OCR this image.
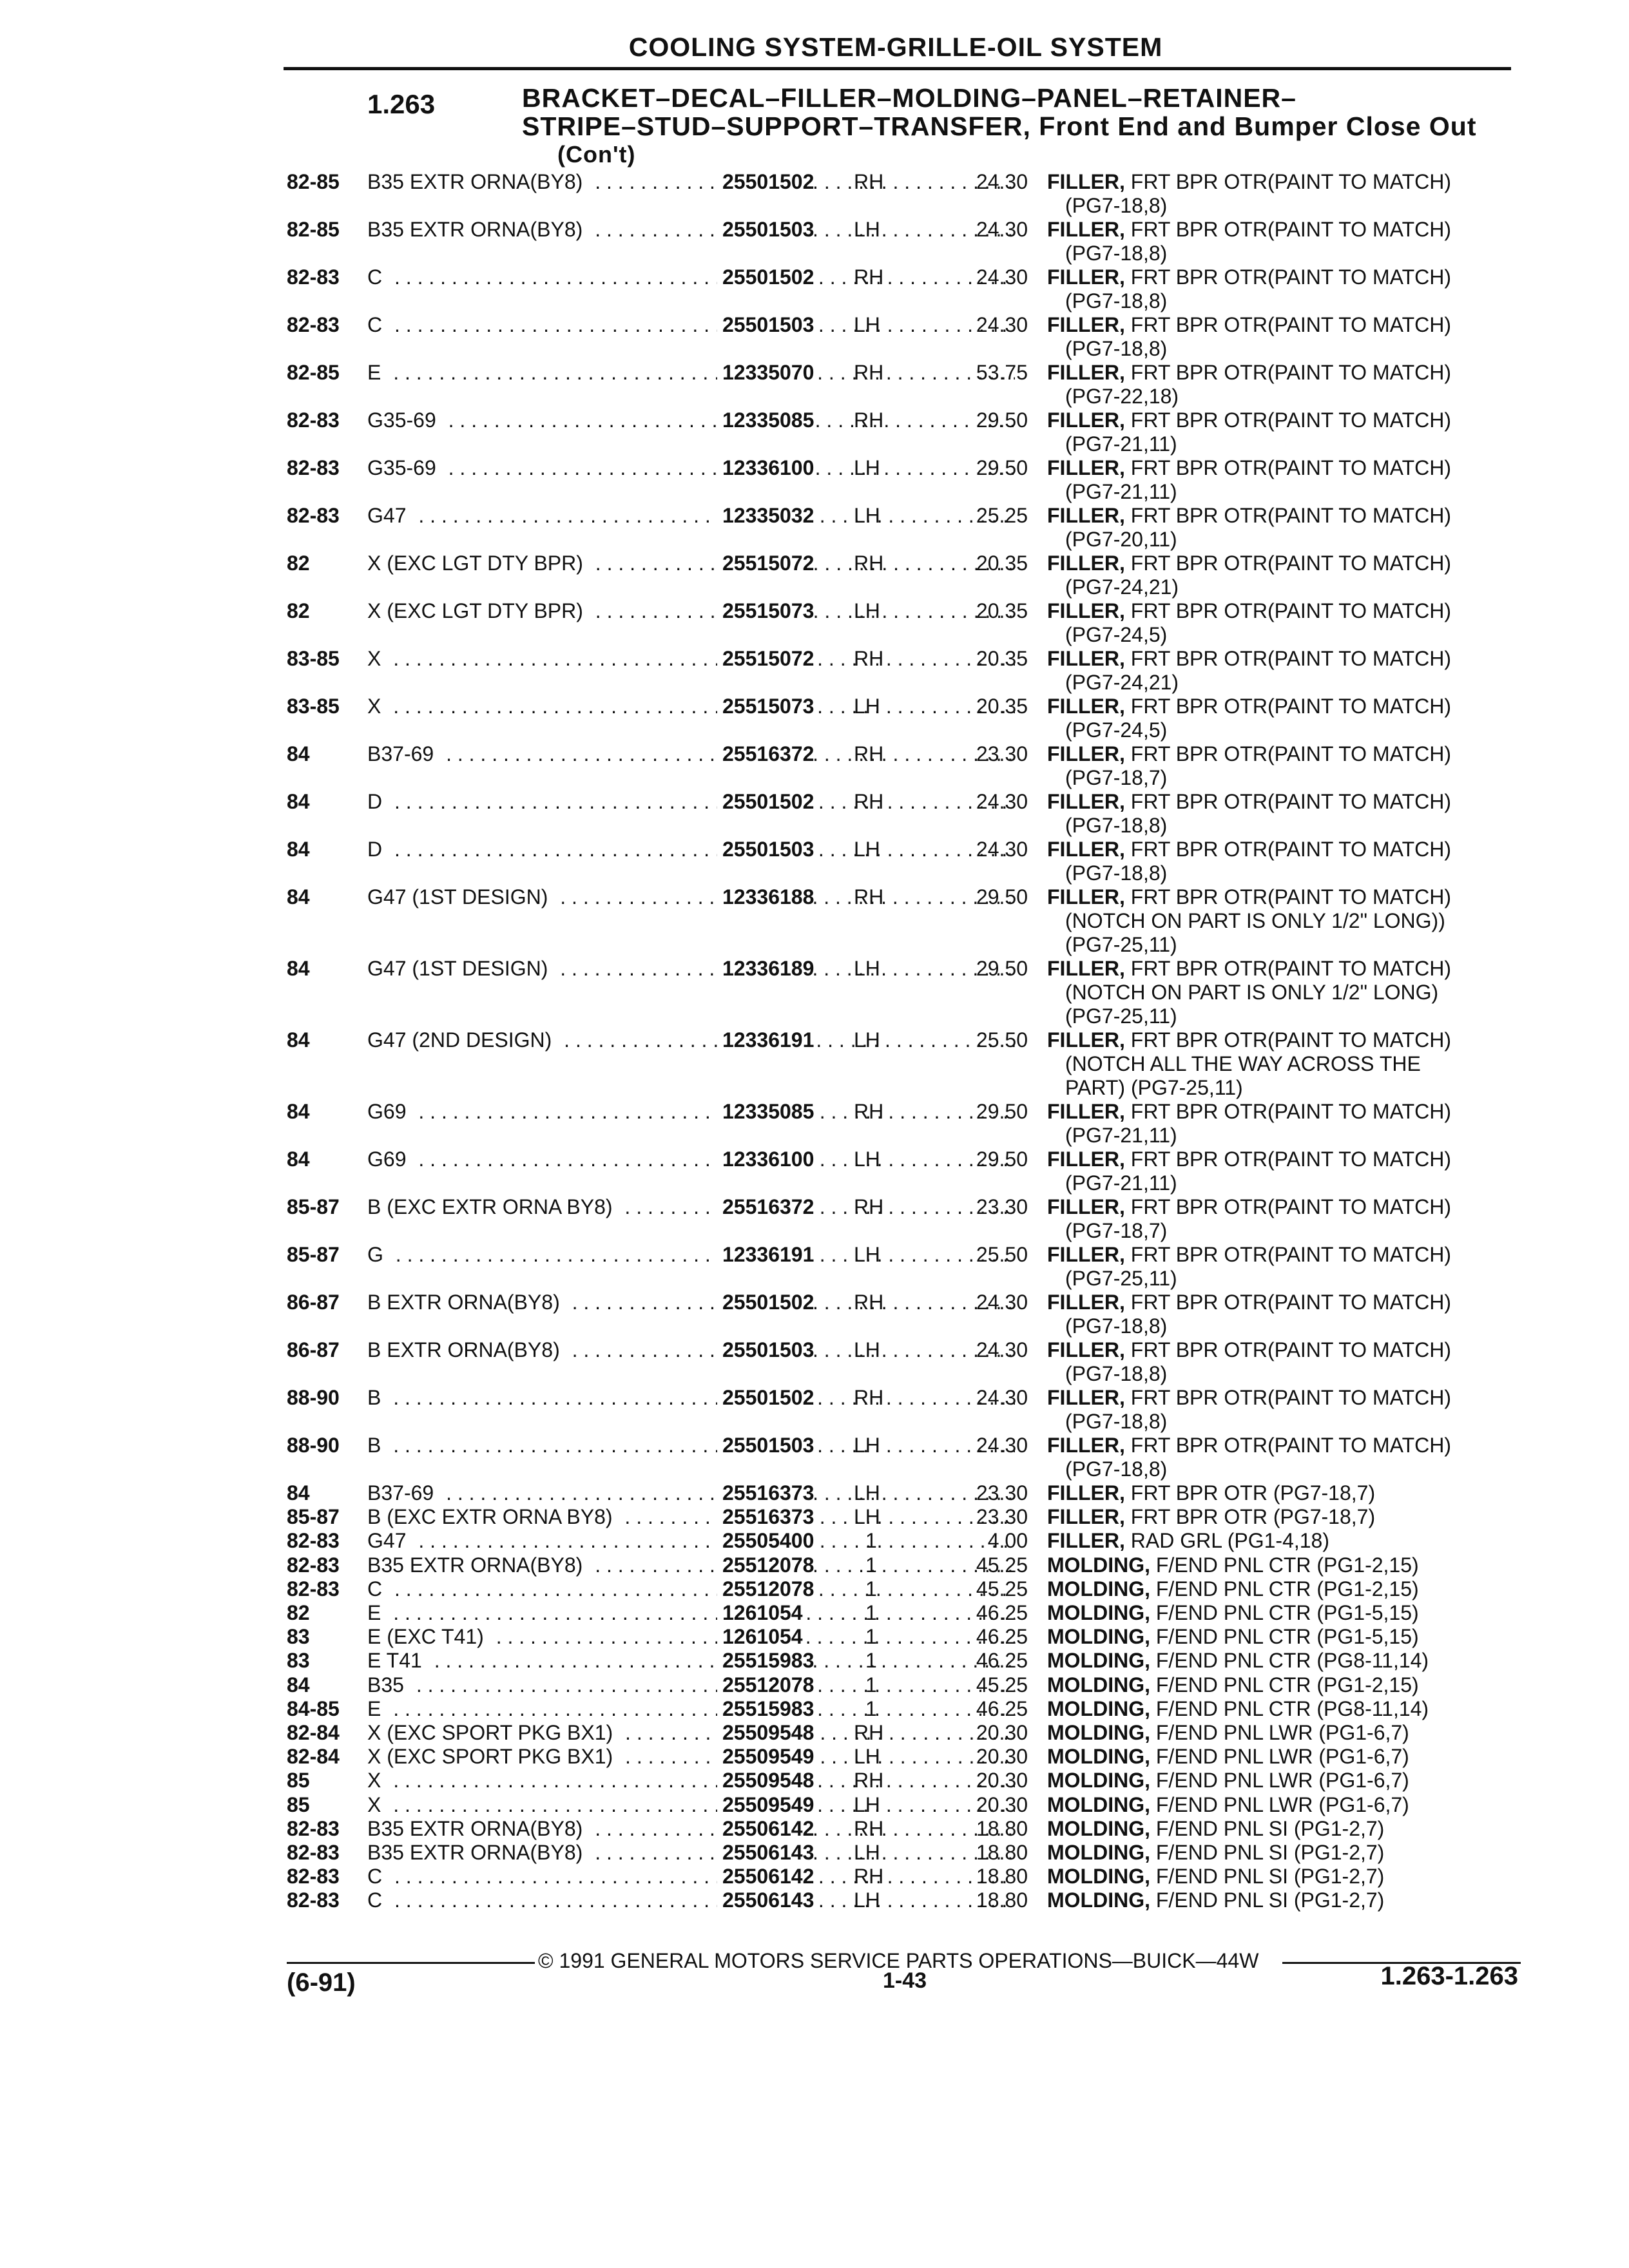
COOLING SYSTEM-GRILLE-OIL SYSTEM
1.263	BRACKET–DECAL–FILLER–MOLDING–PANEL–RETAINER–
STRIPE–STUD–SUPPORT–TRANSFER, Front End and Bumper Close Out
(Con't)
82-85	B35 EXTR ORNA(BY8) . . .	25501502 RH	24.30 FILLER, FRT BPR OTR(PAINT TO MATCH)
(PG7-18,8)
82-85	B35 EXTR ORNA(BY8) . . .	25501503 LH	24.30 FILLER, FRT BPR OTR(PAINT TO MATCH)
(PG7-18,8)
82-83	C . . .	25501502 RH	24.30 FILLER, FRT BPR OTR(PAINT TO MATCH)
(PG7-18,8)
82-83	C . . .	25501503 LH	24.30 FILLER, FRT BPR OTR(PAINT TO MATCH)
(PG7-18,8)
82-85	E . . .	12335070 RH	53.75 FILLER, FRT BPR OTR(PAINT TO MATCH)
(PG7-22,18)
82-83	G35-69 . . .	12335085 RH	29.50 FILLER, FRT BPR OTR(PAINT TO MATCH)
(PG7-21,11)
82-83	G35-69 . . .	12336100 LH	29.50 FILLER, FRT BPR OTR(PAINT TO MATCH)
(PG7-21,11)
82-83	G47 . . .	12335032 LH	25.25 FILLER, FRT BPR OTR(PAINT TO MATCH)
(PG7-20,11)
82	X (EXC LGT DTY BPR) . . .	25515072 RH	20.35 FILLER, FRT BPR OTR(PAINT TO MATCH)
(PG7-24,21)
82	X (EXC LGT DTY BPR) . . .	25515073 LH	20.35 FILLER, FRT BPR OTR(PAINT TO MATCH)
(PG7-24,5)
83-85	X . . .	25515072 RH	20.35 FILLER, FRT BPR OTR(PAINT TO MATCH)
(PG7-24,21)
83-85	X . . .	25515073 LH	20.35 FILLER, FRT BPR OTR(PAINT TO MATCH)
(PG7-24,5)
84	B37-69 . . .	25516372 RH	23.30 FILLER, FRT BPR OTR(PAINT TO MATCH)
(PG7-18,7)
84	D . . .	25501502 RH	24.30 FILLER, FRT BPR OTR(PAINT TO MATCH)
(PG7-18,8)
84	D . . .	25501503 LH	24.30 FILLER, FRT BPR OTR(PAINT TO MATCH)
(PG7-18,8)
84	G47 (1ST DESIGN) . . .	12336188 RH	29.50 FILLER, FRT BPR OTR(PAINT TO MATCH)
(NOTCH ON PART IS ONLY 1/2" LONG))
(PG7-25,11)
84	G47 (1ST DESIGN) . . .	12336189 LH	29.50 FILLER, FRT BPR OTR(PAINT TO MATCH)
(NOTCH ON PART IS ONLY 1/2" LONG)
(PG7-25,11)
84	G47 (2ND DESIGN) . . .	12336191 LH	25.50 FILLER, FRT BPR OTR(PAINT TO MATCH)
(NOTCH ALL THE WAY ACROSS THE
PART) (PG7-25,11)
84	G69 . . .	12335085 RH	29.50 FILLER, FRT BPR OTR(PAINT TO MATCH)
(PG7-21,11)
84	G69 . . .	12336100 LH	29.50 FILLER, FRT BPR OTR(PAINT TO MATCH)
(PG7-21,11)
85-87	B (EXC EXTR ORNA BY8) . . .	25516372 RH	23.30 FILLER, FRT BPR OTR(PAINT TO MATCH)
(PG7-18,7)
85-87	G . . .	12336191 LH	25.50 FILLER, FRT BPR OTR(PAINT TO MATCH)
(PG7-25,11)
86-87	B EXTR ORNA(BY8) . . .	25501502 RH	24.30 FILLER, FRT BPR OTR(PAINT TO MATCH)
(PG7-18,8)
86-87	B EXTR ORNA(BY8) . . .	25501503 LH	24.30 FILLER, FRT BPR OTR(PAINT TO MATCH)
(PG7-18,8)
88-90	B . . .	25501502 RH	24.30 FILLER, FRT BPR OTR(PAINT TO MATCH)
(PG7-18,8)
88-90	B . . .	25501503 LH	24.30 FILLER, FRT BPR OTR(PAINT TO MATCH)
(PG7-18,8)
84	B37-69 . . .	25516373 LH	23.30 FILLER, FRT BPR OTR (PG7-18,7)
85-87	B (EXC EXTR ORNA BY8) . . .	25516373 LH	23.30 FILLER, FRT BPR OTR (PG7-18,7)
82-83	G47 . . .	25505400	1	4.00 FILLER, RAD GRL (PG1-4,18)
82-83	B35 EXTR ORNA(BY8) . . .	25512078	1	45.25 MOLDING, F/END PNL CTR (PG1-2,15)
82-83	C . . .	25512078	1	45.25 MOLDING, F/END PNL CTR (PG1-2,15)
82	E . . .	1261054	1	46.25 MOLDING, F/END PNL CTR (PG1-5,15)
83	E (EXC T41) . . .	1261054	1	46.25 MOLDING, F/END PNL CTR (PG1-5,15)
83	E T41 . . .	25515983	1	46.25 MOLDING, F/END PNL CTR (PG8-11,14)
84	B35 . . .	25512078	1	45.25 MOLDING, F/END PNL CTR (PG1-2,15)
84-85	E . . .	25515983	1	46.25 MOLDING, F/END PNL CTR (PG8-11,14)
82-84	X (EXC SPORT PKG BX1) . . .	25509548 RH	20.30 MOLDING, F/END PNL LWR (PG1-6,7)
82-84	X (EXC SPORT PKG BX1) . . .	25509549 LH	20.30 MOLDING, F/END PNL LWR (PG1-6,7)
85	X . . .	25509548 RH	20.30 MOLDING, F/END PNL LWR (PG1-6,7)
85	X . . .	25509549 LH	20.30 MOLDING, F/END PNL LWR (PG1-6,7)
82-83	B35 EXTR ORNA(BY8) . . .	25506142 RH	18.80 MOLDING, F/END PNL SI (PG1-2,7)
82-83	B35 EXTR ORNA(BY8) . . .	25506143 LH	18.80 MOLDING, F/END PNL SI (PG1-2,7)
82-83	C . . .	25506142 RH	18.80 MOLDING, F/END PNL SI (PG1-2,7)
82-83	C . . .	25506143 LH	18.80 MOLDING, F/END PNL SI (PG1-2,7)
© 1991 GENERAL MOTORS SERVICE PARTS OPERATIONS—BUICK—44W
(6-91)	1-43	1.263-1.263
